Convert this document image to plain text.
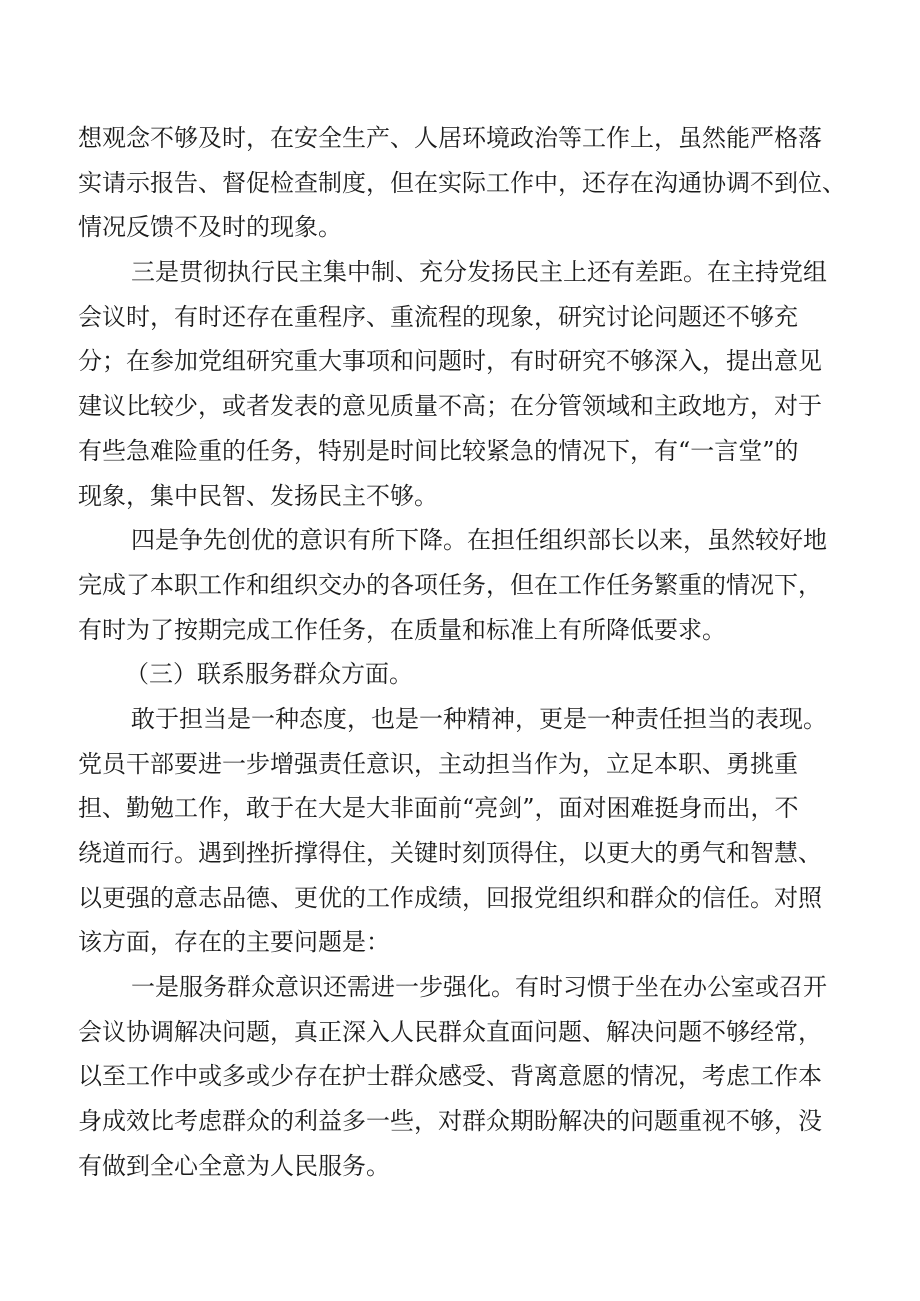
想观念不够及时，在安全生产、人居环境政治等工作上，虽然能严格落
实请示报告、督促检查制度，但在实际工作中，还存在沟通协调不到位、
情况反馈不及时的现象。
三是贯彻执行民主集中制、充分发扬民主上还有差距。在主持党组
会议时，有时还存在重程序、重流程的现象，研究讨论问题还不够充
分；在参加党组研究重大事项和问题时，有时研究不够深入，提出意见
建议比较少，或者发表的意见质量不高；在分管领域和主政地方，对于
有些急难险重的任务，特别是时间比较紧急的情况下，有“一言堂”的
现象，集中民智、发扬民主不够。
四是争先创优的意识有所下降。在担任组织部长以来，虽然较好地
完成了本职工作和组织交办的各项任务，但在工作任务繁重的情况下，
有时为了按期完成工作任务，在质量和标准上有所降低要求。
（三）联系服务群众方面。
敢于担当是一种态度，也是一种精神，更是一种责任担当的表现。
党员干部要进一步增强责任意识，主动担当作为，立足本职、勇挑重
担、勤勉工作，敢于在大是大非面前“亮剑”，面对困难挺身而出，不
绕道而行。遇到挫折撑得住，关键时刻顶得住，以更大的勇气和智慧、
以更强的意志品德、更优的工作成绩，回报党组织和群众的信任。对照
该方面，存在的主要问题是：
一是服务群众意识还需进一步强化。有时习惯于坐在办公室或召开
会议协调解决问题，真正深入人民群众直面问题、解决问题不够经常，
以至工作中或多或少存在护士群众感受、背离意愿的情况，考虑工作本
身成效比考虑群众的利益多一些，对群众期盼解决的问题重视不够，没
有做到全心全意为人民服务。
